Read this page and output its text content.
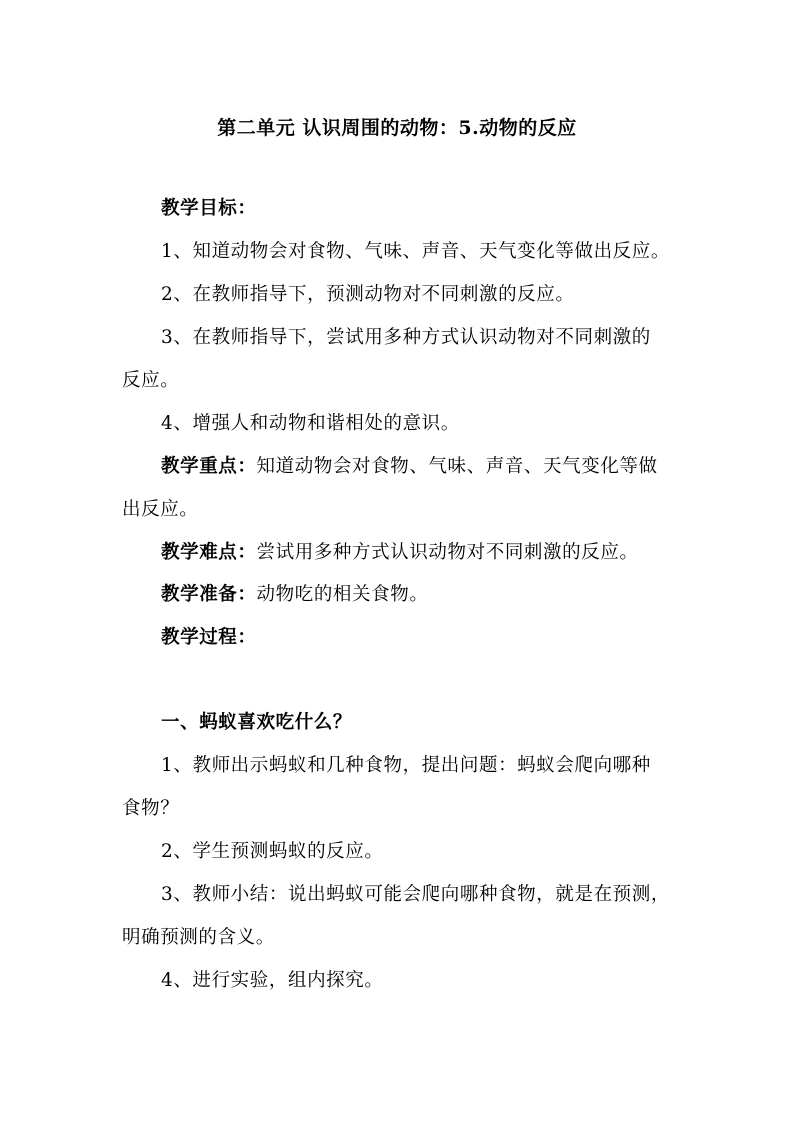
第二单元 认识周围的动物：5.动物的反应
教学目标：
1、知道动物会对食物、气味、声音、天气变化等做出反应。
2、在教师指导下，预测动物对不同刺激的反应。
3、在教师指导下，尝试用多种方式认识动物对不同刺激的
反应。
4、增强人和动物和谐相处的意识。
教学重点：知道动物会对食物、气味、声音、天气变化等做
出反应。
教学难点：尝试用多种方式认识动物对不同刺激的反应。
教学准备：动物吃的相关食物。
教学过程：
一、蚂蚁喜欢吃什么？
1、教师出示蚂蚁和几种食物，提出问题：蚂蚁会爬向哪种
食物？
2、学生预测蚂蚁的反应。
3、教师小结：说出蚂蚁可能会爬向哪种食物，就是在预测，
明确预测的含义。
4、进行实验，组内探究。
